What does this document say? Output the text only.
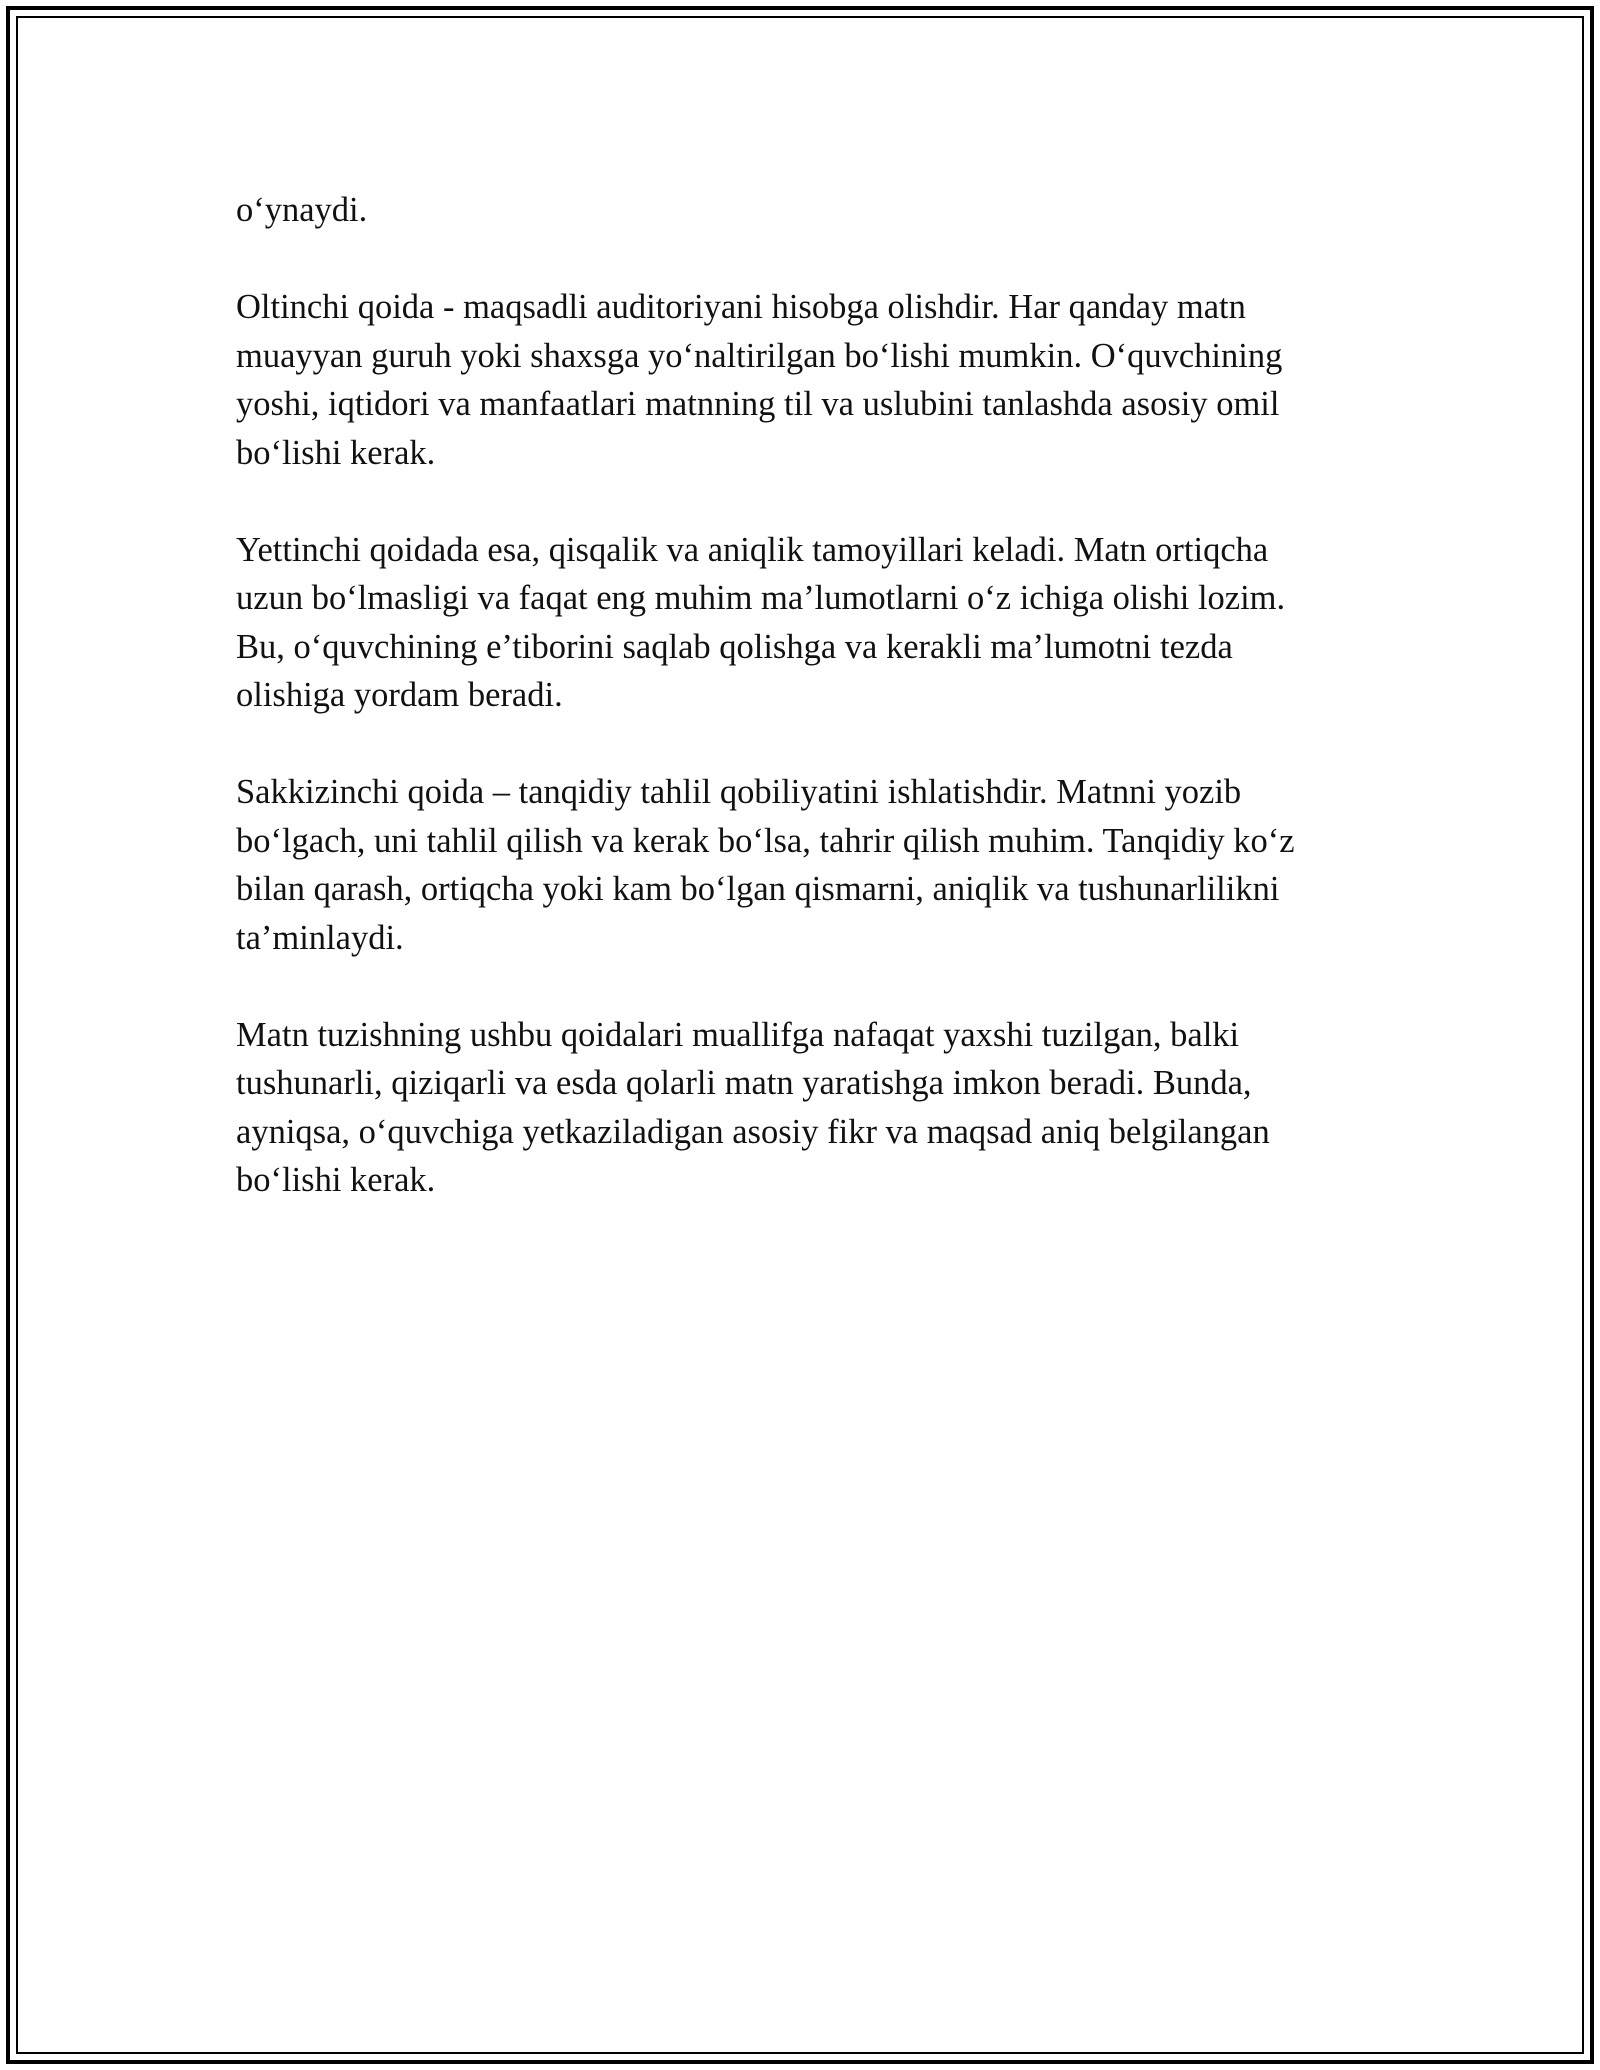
o‘ynaydi.

Oltinchi qoida - maqsadli auditoriyani hisobga olishdir. Har qanday matn
muayyan guruh yoki shaxsga yo‘naltirilgan bo‘lishi mumkin. O‘quvchining
yoshi, iqtidori va manfaatlari matnning til va uslubini tanlashda asosiy omil
bo‘lishi kerak.

Yettinchi qoidada esa, qisqalik va aniqlik tamoyillari keladi. Matn ortiqcha
uzun bo‘lmasligi va faqat eng muhim ma’lumotlarni o‘z ichiga olishi lozim.
Bu, o‘quvchining e’tiborini saqlab qolishga va kerakli ma’lumotni tezda
olishiga yordam beradi.

Sakkizinchi qoida – tanqidiy tahlil qobiliyatini ishlatishdir. Matnni yozib
bo‘lgach, uni tahlil qilish va kerak bo‘lsa, tahrir qilish muhim. Tanqidiy ko‘z
bilan qarash, ortiqcha yoki kam bo‘lgan qismarni, aniqlik va tushunarlilikni
ta’minlaydi.

Matn tuzishning ushbu qoidalari muallifga nafaqat yaxshi tuzilgan, balki
tushunarli, qiziqarli va esda qolarli matn yaratishga imkon beradi. Bunda,
ayniqsa, o‘quvchiga yetkaziladigan asosiy fikr va maqsad aniq belgilangan
bo‘lishi kerak.
